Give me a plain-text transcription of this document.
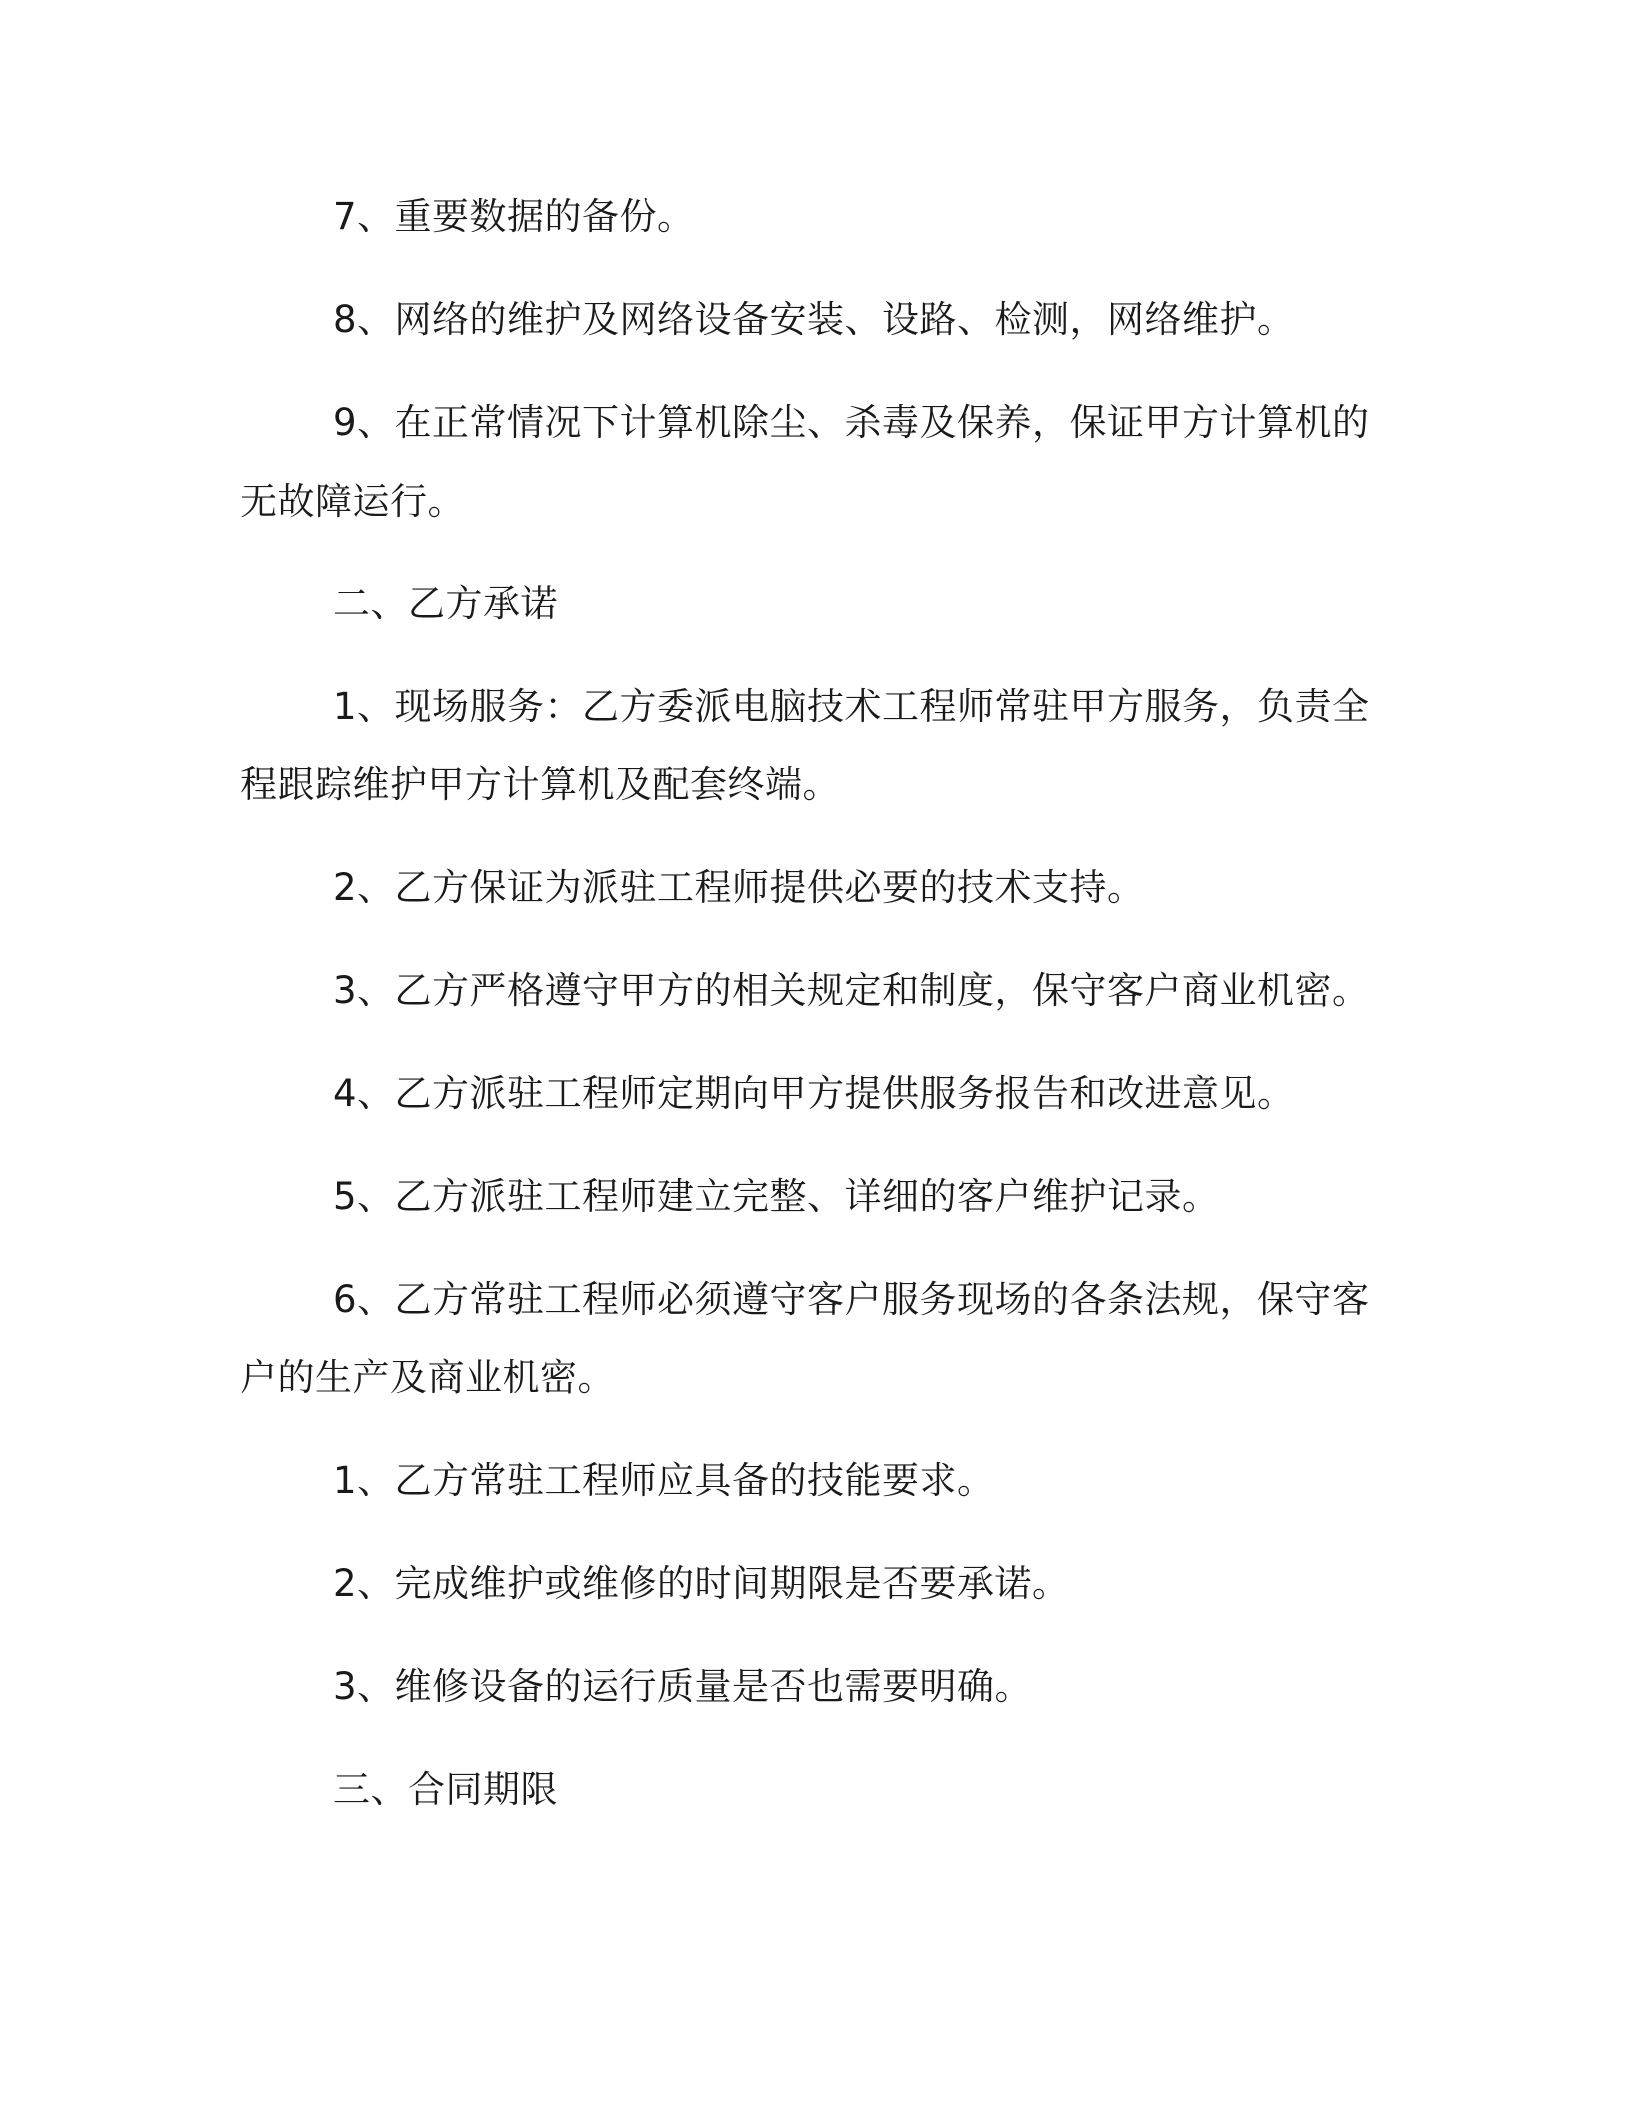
7、重要数据的备份。
8、网络的维护及网络设备安装、设路、检测，网络维护。
9、在正常情况下计算机除尘、杀毒及保养，保证甲方计算机的
无故障运行。
二、乙方承诺
1、现场服务：乙方委派电脑技术工程师常驻甲方服务，负责全
程跟踪维护甲方计算机及配套终端。
2、乙方保证为派驻工程师提供必要的技术支持。
3、乙方严格遵守甲方的相关规定和制度，保守客户商业机密。
4、乙方派驻工程师定期向甲方提供服务报告和改进意见。
5、乙方派驻工程师建立完整、详细的客户维护记录。
6、乙方常驻工程师必须遵守客户服务现场的各条法规，保守客
户的生产及商业机密。
1、乙方常驻工程师应具备的技能要求。
2、完成维护或维修的时间期限是否要承诺。
3、维修设备的运行质量是否也需要明确。
三、合同期限
